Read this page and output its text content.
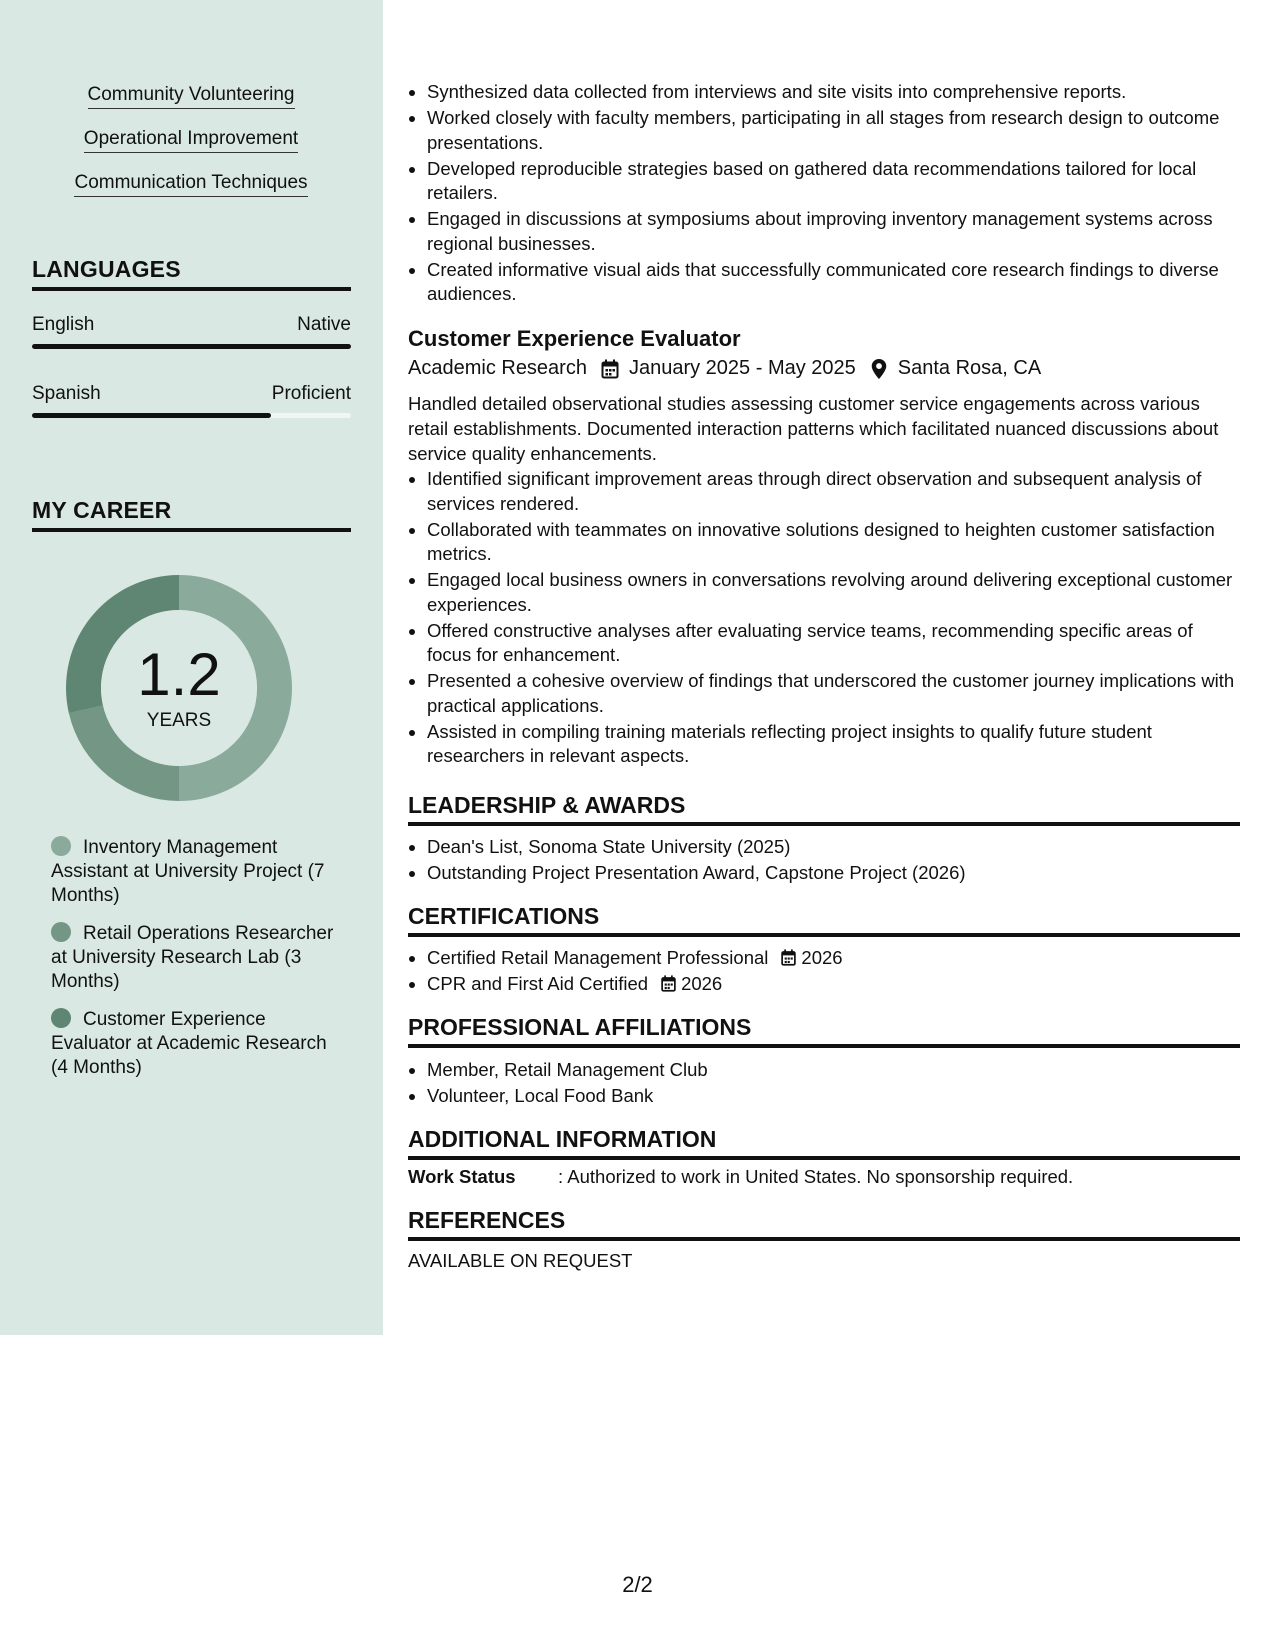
Community Volunteering
Operational Improvement
Communication Techniques
LANGUAGES
English	Native
Spanish	Proficient
MY CAREER
1.2
YEARS
Inventory Management Assistant at University Project (7 Months)
Retail Operations Researcher at University Research Lab (3 Months)
Customer Experience Evaluator at Academic Research (4 Months)
• Synthesized data collected from interviews and site visits into comprehensive reports.
• Worked closely with faculty members, participating in all stages from research design to outcome presentations.
• Developed reproducible strategies based on gathered data recommendations tailored for local retailers.
• Engaged in discussions at symposiums about improving inventory management systems across regional businesses.
• Created informative visual aids that successfully communicated core research findings to diverse audiences.
Customer Experience Evaluator
Academic Research January 2025 - May 2025 Santa Rosa, CA
Handled detailed observational studies assessing customer service engagements across various retail establishments. Documented interaction patterns which facilitated nuanced discussions about service quality enhancements.
• Identified significant improvement areas through direct observation and subsequent analysis of services rendered.
• Collaborated with teammates on innovative solutions designed to heighten customer satisfaction metrics.
• Engaged local business owners in conversations revolving around delivering exceptional customer experiences.
• Offered constructive analyses after evaluating service teams, recommending specific areas of focus for enhancement.
• Presented a cohesive overview of findings that underscored the customer journey implications with practical applications.
• Assisted in compiling training materials reflecting project insights to qualify future student researchers in relevant aspects.
LEADERSHIP & AWARDS
• Dean's List, Sonoma State University (2025)
• Outstanding Project Presentation Award, Capstone Project (2026)
CERTIFICATIONS
• Certified Retail Management Professional 2026
• CPR and First Aid Certified 2026
PROFESSIONAL AFFILIATIONS
• Member, Retail Management Club
• Volunteer, Local Food Bank
ADDITIONAL INFORMATION
Work Status : Authorized to work in United States. No sponsorship required.
REFERENCES
AVAILABLE ON REQUEST
2/2
